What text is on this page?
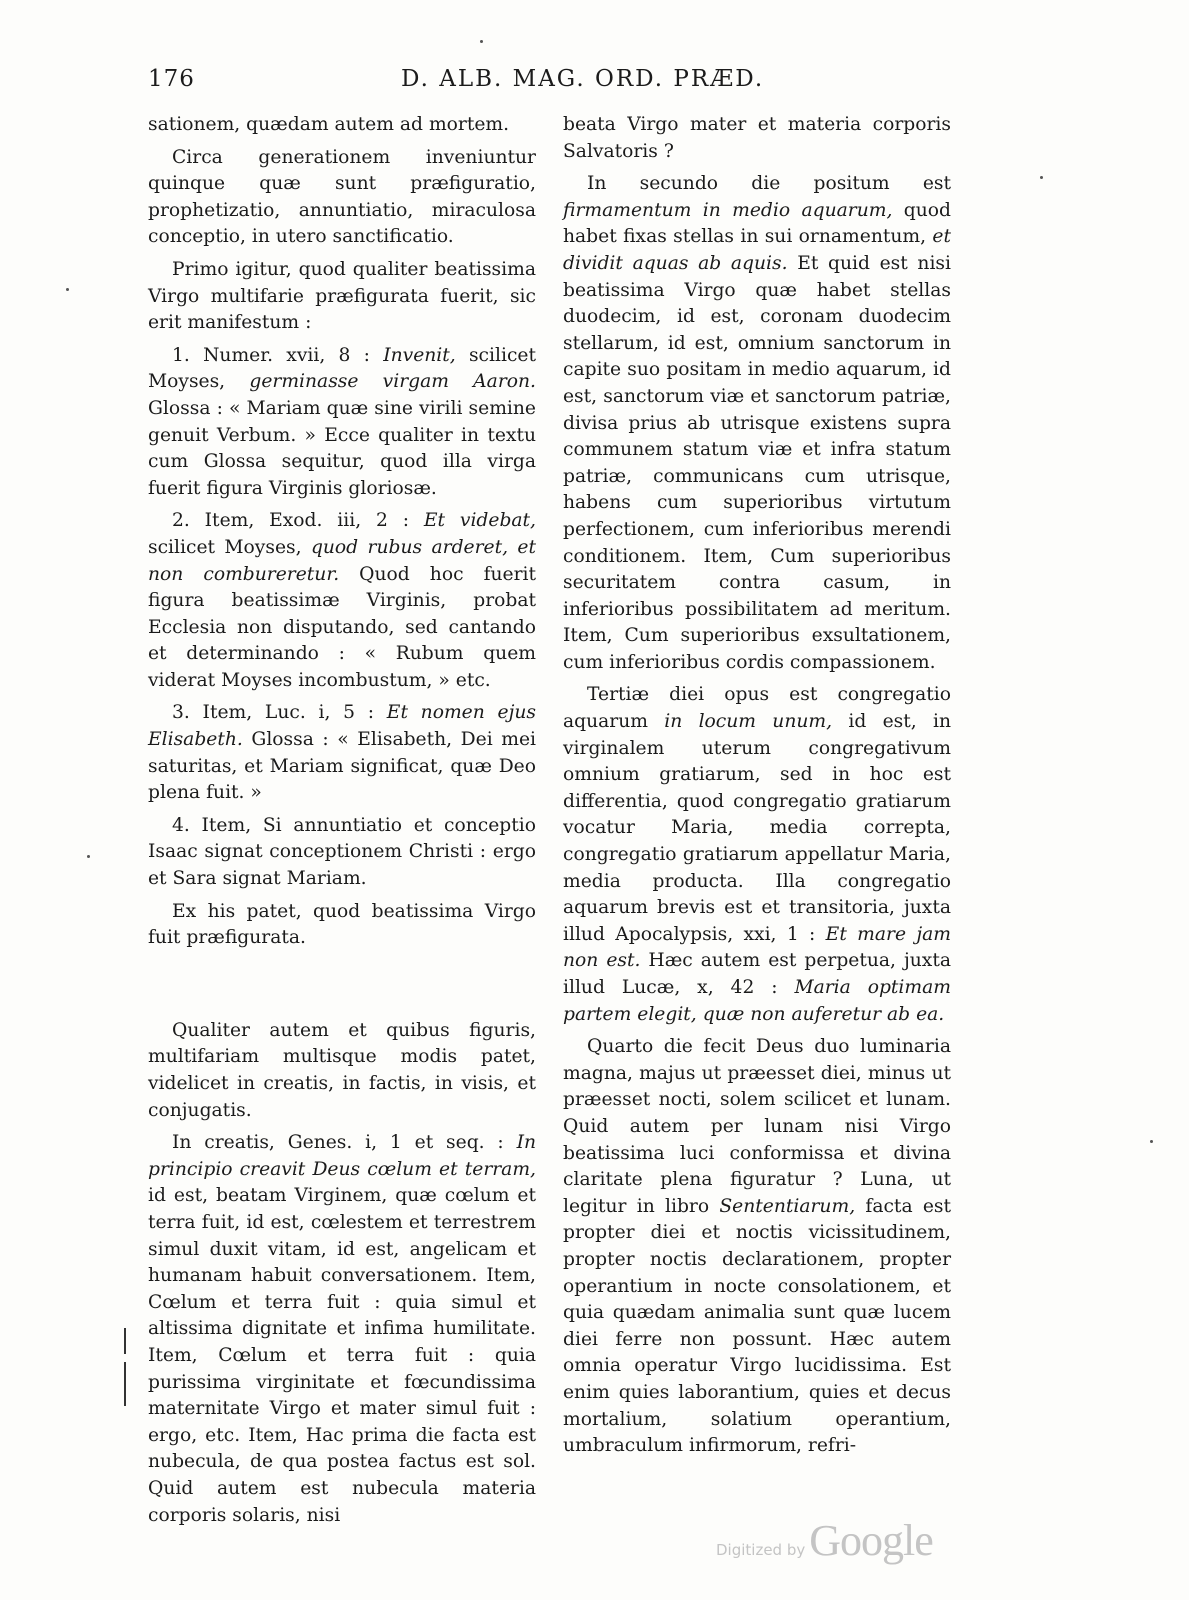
176	D. ALB. MAG. ORD. PRÆD.

sationem, quædam autem ad mortem.

Circa generationem inveniuntur quinque quæ sunt præfiguratio, prophetizatio, annuntiatio, miraculosa conceptio, in utero sanctificatio.

Primo igitur, quod qualiter beatissima Virgo multifarie præfigurata fuerit, sic erit manifestum :

1. Numer. xvii, 8 : Invenit, scilicet Moyses, germinasse virgam Aaron. Glossa : « Mariam quæ sine virili semine genuit Verbum. » Ecce qualiter in textu cum Glossa sequitur, quod illa virga fuerit figura Virginis gloriosæ.

2. Item, Exod. iii, 2 : Et videbat, scilicet Moyses, quod rubus arderet, et non combureretur. Quod hoc fuerit figura beatissimæ Virginis, probat Ecclesia non disputando, sed cantando et determinando : « Rubum quem viderat Moyses incombustum, » etc.

3. Item, Luc. i, 5 : Et nomen ejus Elisabeth. Glossa : « Elisabeth, Dei mei saturitas, et Mariam significat, quæ Deo plena fuit. »

4. Item, Si annuntiatio et conceptio Isaac signat conceptionem Christi : ergo et Sara signat Mariam.

Ex his patet, quod beatissima Virgo fuit præfigurata.

Qualiter autem et quibus figuris, multifariam multisque modis patet, videlicet in creatis, in factis, in visis, et conjugatis.

In creatis, Genes. i, 1 et seq. : In principio creavit Deus cœlum et terram, id est, beatam Virginem, quæ cœlum et terra fuit, id est, cœlestem et terrestrem simul duxit vitam, id est, angelicam et humanam habuit conversationem. Item, Cœlum et terra fuit : quia simul et altissima dignitate et infima humilitate. Item, Cœlum et terra fuit : quia purissima virginitate et fœcundissima maternitate Virgo et mater simul fuit : ergo, etc. Item, Hac prima die facta est nubecula, de qua postea factus est sol. Quid autem est nubecula materia corporis solaris, nisi

beata Virgo mater et materia corporis Salvatoris ?

In secundo die positum est firmamentum in medio aquarum, quod habet fixas stellas in sui ornamentum, et dividit aquas ab aquis. Et quid est nisi beatissima Virgo quæ habet stellas duodecim, id est, coronam duodecim stellarum, id est, omnium sanctorum in capite suo positam in medio aquarum, id est, sanctorum viæ et sanctorum patriæ, divisa prius ab utrisque existens supra communem statum viæ et infra statum patriæ, communicans cum utrisque, habens cum superioribus virtutum perfectionem, cum inferioribus merendi conditionem. Item, Cum superioribus securitatem contra casum, in inferioribus possibilitatem ad meritum. Item, Cum superioribus exsultationem, cum inferioribus cordis compassionem.

Tertiæ diei opus est congregatio aquarum in locum unum, id est, in virginalem uterum congregativum omnium gratiarum, sed in hoc est differentia, quod congregatio gratiarum vocatur Maria, media correpta, congregatio gratiarum appellatur Maria, media producta. Illa congregatio aquarum brevis est et transitoria, juxta illud Apocalypsis, xxi, 1 : Et mare jam non est. Hæc autem est perpetua, juxta illud Lucæ, x, 42 : Maria optimam partem elegit, quæ non auferetur ab ea.

Quarto die fecit Deus duo luminaria magna, majus ut præesset diei, minus ut præesset nocti, solem scilicet et lunam. Quid autem per lunam nisi Virgo beatissima luci conformissa et divina claritate plena figuratur ? Luna, ut legitur in libro Sententiarum, facta est propter diei et noctis vicissitudinem, propter noctis declarationem, propter operantium in nocte consolationem, et quia quædam animalia sunt quæ lucem diei ferre non possunt. Hæc autem omnia operatur Virgo lucidissima. Est enim quies laborantium, quies et decus mortalium, solatium operantium, umbraculum infirmorum, refri-

Digitized byGoogle
